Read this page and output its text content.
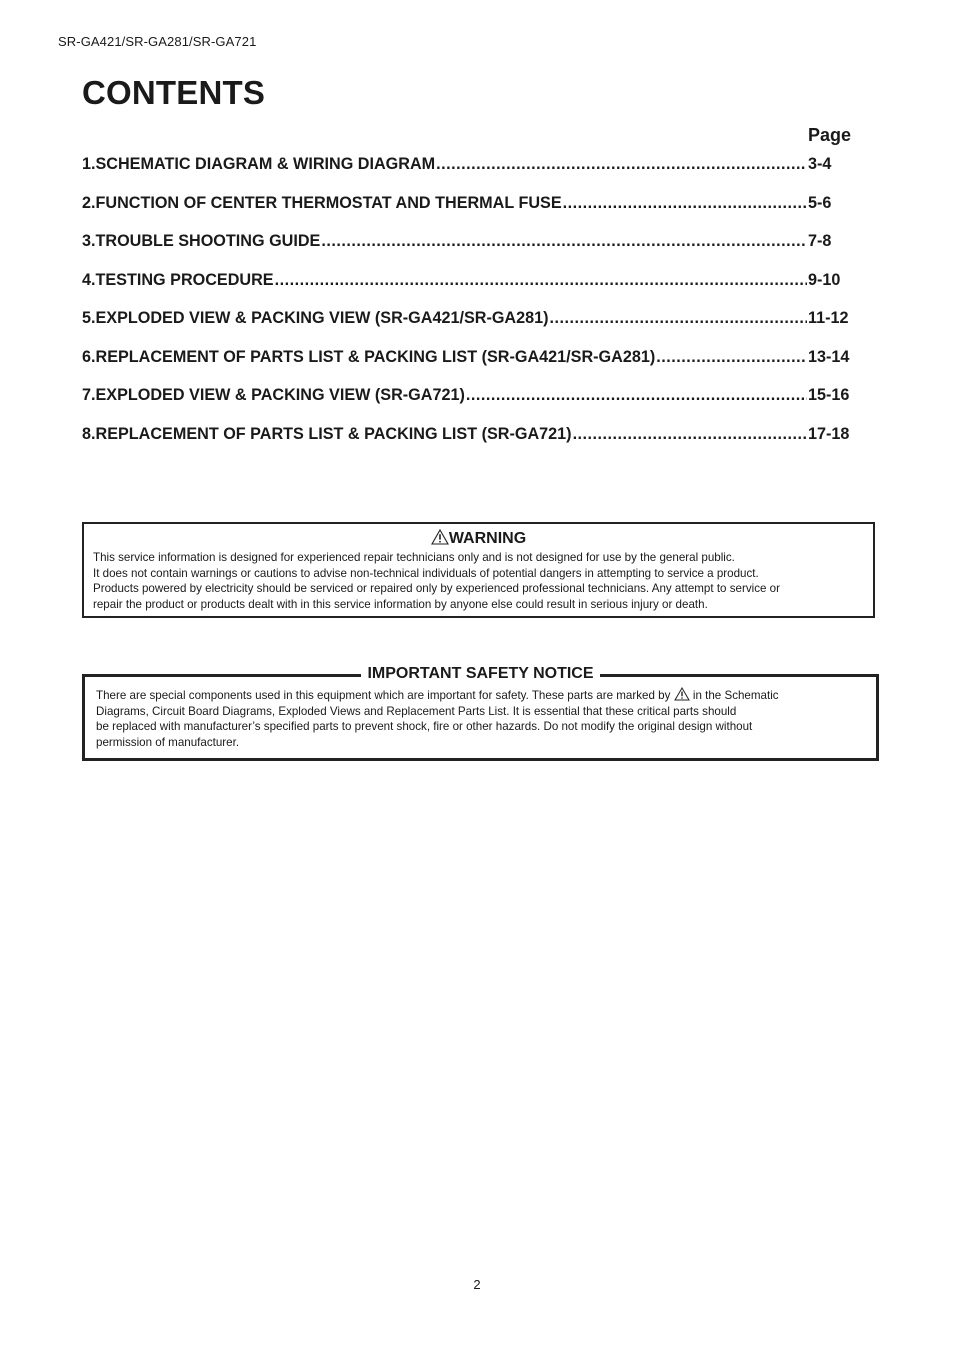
SR-GA421/SR-GA281/SR-GA721
CONTENTS
Page
1.SCHEMATIC DIAGRAM & WIRING DIAGRAM .....	3-4
2.FUNCTION OF CENTER THERMOSTAT AND THERMAL FUSE .....	5-6
3.TROUBLE SHOOTING GUIDE .....	7-8
4.TESTING PROCEDURE .....	9-10
5.EXPLODED VIEW & PACKING VIEW (SR-GA421/SR-GA281) .....	11-12
6.REPLACEMENT OF PARTS LIST & PACKING LIST (SR-GA421/SR-GA281) .....	13-14
7.EXPLODED VIEW & PACKING VIEW (SR-GA721) .....	15-16
8.REPLACEMENT OF PARTS LIST & PACKING LIST (SR-GA721) .....	17-18
WARNING
This service information is designed for experienced repair technicians only and is not designed for use by the general public.
It does not contain warnings or cautions to advise non-technical individuals of potential dangers in attempting to service a product.
Products powered by electricity should be serviced or repaired only by experienced professional technicians. Any attempt to service or
repair the product or products dealt with in this service information by anyone else could result in serious injury or death.
IMPORTANT SAFETY NOTICE
There are special components used in this equipment which are important for safety. These parts are marked by in the Schematic
Diagrams, Circuit Board Diagrams, Exploded Views and Replacement Parts List. It is essential that these critical parts should
be replaced with manufacturer’s specified parts to prevent shock, fire or other hazards. Do not modify the original design without
permission of manufacturer.
2
